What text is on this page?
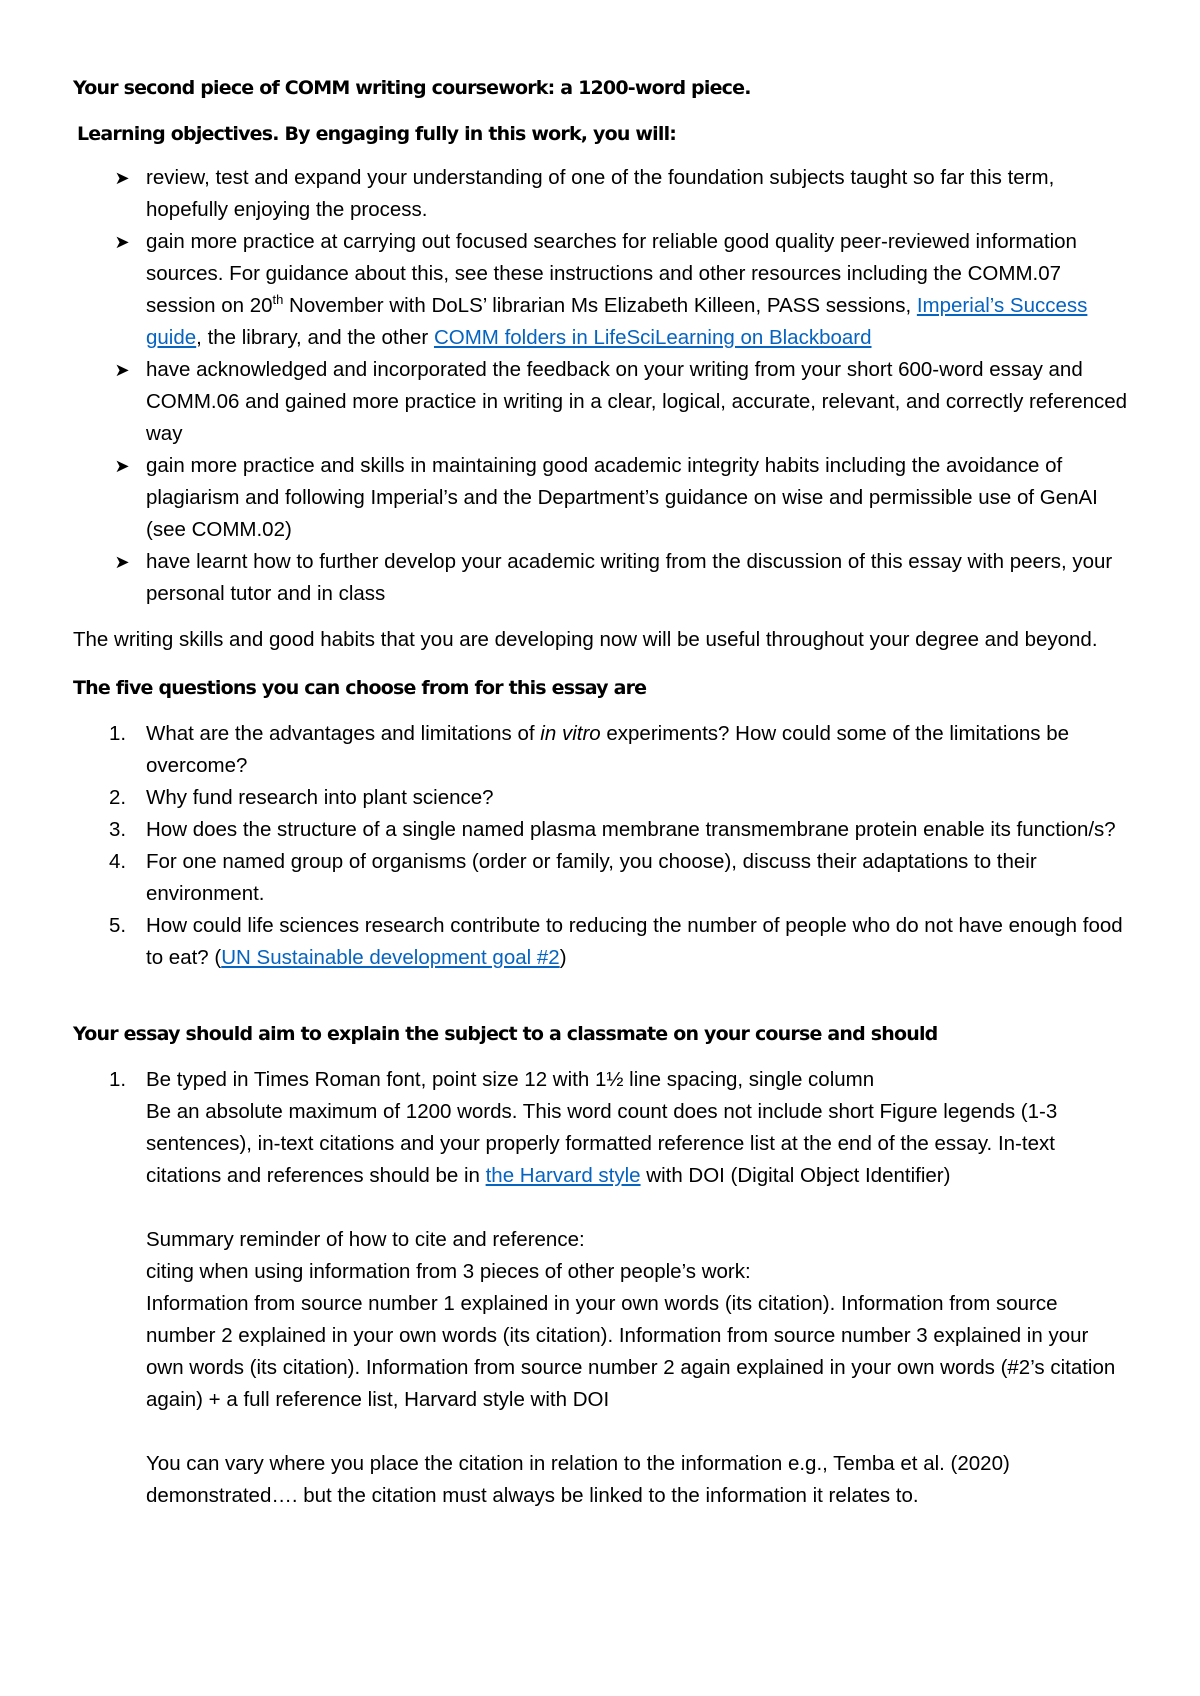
Your second piece of COMM writing coursework: a 1200-word piece.
Learning objectives. By engaging fully in this work, you will:
➤ review, test and expand your understanding of one of the foundation subjects taught so far this term, hopefully enjoying the process.
➤ gain more practice at carrying out focused searches for reliable good quality peer-reviewed information sources. For guidance about this, see these instructions and other resources including the COMM.07 session on 20th November with DoLS’ librarian Ms Elizabeth Killeen, PASS sessions, Imperial’s Success guide, the library, and the other COMM folders in LifeSciLearning on Blackboard
➤ have acknowledged and incorporated the feedback on your writing from your short 600-word essay and COMM.06 and gained more practice in writing in a clear, logical, accurate, relevant, and correctly referenced way
➤ gain more practice and skills in maintaining good academic integrity habits including the avoidance of plagiarism and following Imperial’s and the Department’s guidance on wise and permissible use of GenAI (see COMM.02)
➤ have learnt how to further develop your academic writing from the discussion of this essay with peers, your personal tutor and in class

The writing skills and good habits that you are developing now will be useful throughout your degree and beyond.

The five questions you can choose from for this essay are
1. What are the advantages and limitations of in vitro experiments? How could some of the limitations be overcome?
2. Why fund research into plant science?
3. How does the structure of a single named plasma membrane transmembrane protein enable its function/s?
4. For one named group of organisms (order or family, you choose), discuss their adaptations to their environment.
5. How could life sciences research contribute to reducing the number of people who do not have enough food to eat? (UN Sustainable development goal #2)
Your essay should aim to explain the subject to a classmate on your course and should
1. Be typed in Times Roman font, point size 12 with 1½ line spacing, single column
Be an absolute maximum of 1200 words. This word count does not include short Figure legends (1-3 sentences), in-text citations and your properly formatted reference list at the end of the essay. In-text citations and references should be in the Harvard style with DOI (Digital Object Identifier)
Summary reminder of how to cite and reference:
citing when using information from 3 pieces of other people’s work:
Information from source number 1 explained in your own words (its citation). Information from source number 2 explained in your own words (its citation). Information from source number 3 explained in your own words (its citation). Information from source number 2 again explained in your own words (#2’s citation again) + a full reference list, Harvard style with DOI
You can vary where you place the citation in relation to the information e.g., Temba et al. (2020) demonstrated…. but the citation must always be linked to the information it relates to.
